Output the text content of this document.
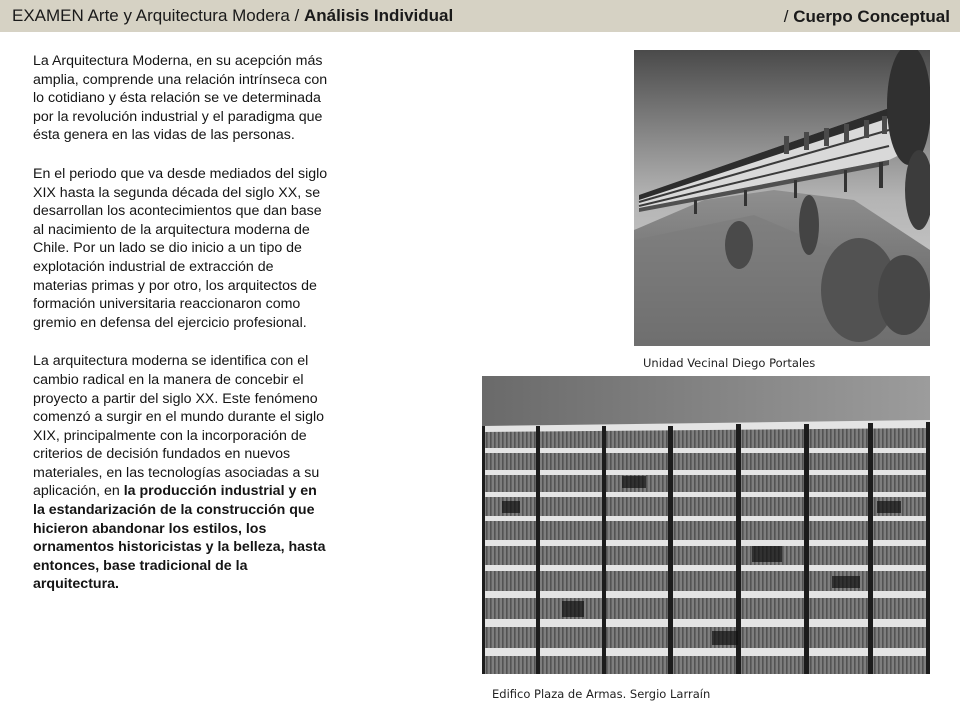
EXAMEN Arte y Arquitectura Modera / Análisis Individual	/ Cuerpo Conceptual

La Arquitectura Moderna, en su acepción más amplia, comprende una relación intrínseca con lo cotidiano y ésta relación se ve determinada por la revolución industrial y el paradigma que ésta genera en las vidas de las personas.

En el periodo que va desde mediados del siglo XIX hasta la segunda década del siglo XX, se desarrollan los acontecimientos que dan base al nacimiento de la arquitectura moderna de Chile. Por un lado se dio inicio a un tipo de explotación industrial de extracción de materias primas y por otro, los arquitectos de formación universitaria reaccionaron como gremio en defensa del ejercicio profesional.

La arquitectura moderna se identifica con el cambio radical en la manera de concebir el proyecto a partir del siglo XX. Este fenómeno comenzó a surgir en el mundo durante el siglo XIX, principalmente con la incorporación de criterios de decisión fundados en nuevos materiales, en las tecnologías asociadas a su aplicación, en la producción industrial y en la estandarización de la construcción que hicieron abandonar los estilos, los ornamentos historicistas y la belleza, hasta entonces, base tradicional de la arquitectura.

Unidad Vecinal Diego Portales
Edifico Plaza de Armas. Sergio Larraín
